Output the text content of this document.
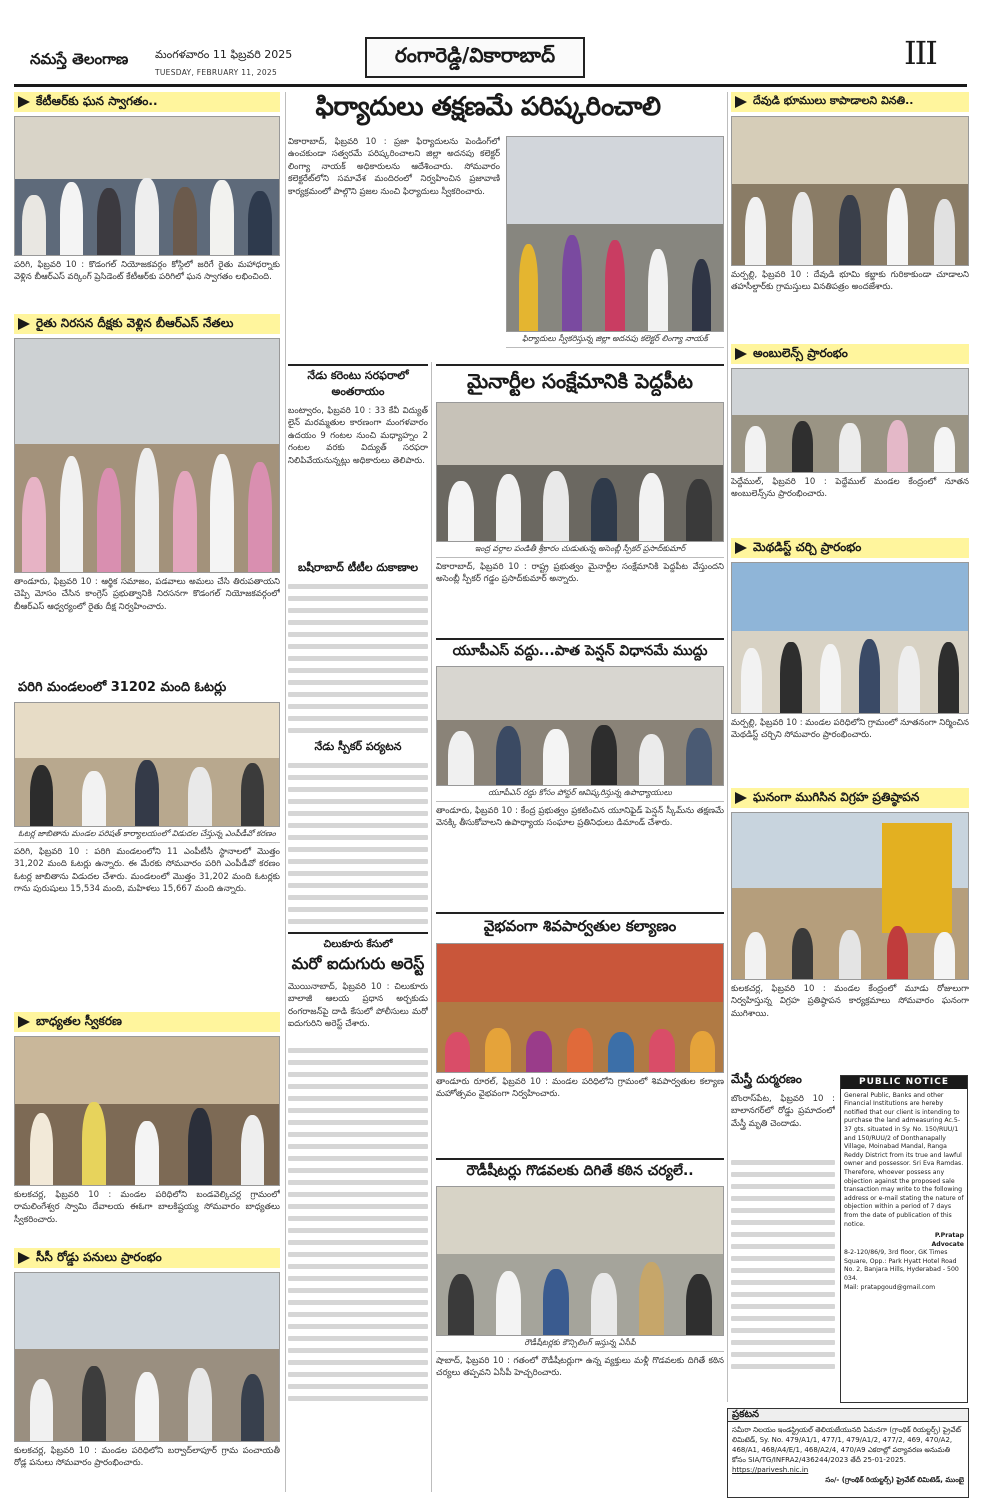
నమస్తే తెలంగాణ మంగళవారం 11 ఫిబ్రవరి 2025
TUESDAY, FEBRUARY 11, 2025
రంగారెడ్డి/వికారాబాద్	III
కేటీఆర్‌కు ఘన స్వాగతం..
పరిగి, ఫిబ్రవరి 10 : కొడంగల్ నియోజకవర్గం కోస్గిలో జరిగే రైతు మహాధర్నాకు వెళ్లిన బీఆర్‌ఎస్ వర్కింగ్ ప్రెసిడెంట్ కేటీఆర్‌కు పరిగిలో ఘన స్వాగతం లభించింది.
రైతు నిరసన దీక్షకు వెళ్లిన బీఆర్‌ఎస్ నేతలు
తాండూరు, ఫిబ్రవరి 10 : ఆర్థిక సమాజం, పడవాలు అమలు చేసి తిరుపతాయని చెప్పి మోసం చేసిన కాంగ్రెస్ ప్రభుత్వానికి నిరసనగా కొడంగల్ నియోజకవర్గంలో బీఆర్‌ఎస్ ఆధ్వర్యంలో రైతు దీక్ష నిర్వహించారు.
పరిగి మండలంలో 31202 మంది ఓటర్లు
ఓటర్ల జాబితాను మండల పరిషత్ కార్యాలయంలో విడుదల చేస్తున్న ఎంపీడీవో కరణం
పరిగి, ఫిబ్రవరి 10 : పరిగి మండలంలోని 11 ఎంపీటీసీ స్థానాలలో మొత్తం 31,202 మంది ఓటర్లు ఉన్నారు. ఈ మేరకు సోమవారం పరిగి ఎంపీడీవో కరణం ఓటర్ల జాబితాను విడుదల చేశారు. మండలంలో మొత్తం 31,202 మంది ఓటర్లకు గాను పురుషులు 15,534 మంది, మహిళలు 15,667 మంది ఉన్నారు.
బాధ్యతల స్వీకరణ
కులకచర్ల, ఫిబ్రవరి 10 : మండల పరిధిలోని బండవెల్కిచర్ల గ్రామంలో రామలింగేశ్వర స్వామి దేవాలయ ఈఓగా బాలకిష్టయ్య సోమవారం బాధ్యతలు స్వీకరించారు.
సీసీ రోడ్డు పనులు ప్రారంభం
కులకచర్ల, ఫిబ్రవరి 10 : మండల పరిధిలోని బర్వాద్‌లాపూర్ గ్రామ పంచాయతీ రోడ్ల పనులు సోమవారం ప్రారంభించారు.
ఫిర్యాదులు తక్షణమే పరిష్కరించాలి
వికారాబాద్, ఫిబ్రవరి 10 : ప్రజా ఫిర్యాదులను పెండింగ్‌లో ఉంచకుండా సత్వరమే పరిష్కరించాలని జిల్లా అదనపు కలెక్టర్ లింగ్యా నాయక్ అధికారులను ఆదేశించారు. సోమవారం కలెక్టరేట్‌లోని సమావేశ మందిరంలో నిర్వహించిన ప్రజావాణి కార్యక్రమంలో పాల్గొని ప్రజల నుంచి ఫిర్యాదులు స్వీకరించారు.
ఫిర్యాదులు స్వీకరిస్తున్న జిల్లా అదనపు కలెక్టర్ లింగ్యా నాయక్
నేడు కరెంటు సరఫరాలో అంతరాయం
బంట్వారం, ఫిబ్రవరి 10 : 33 కేవీ విద్యుత్ లైన్ మరమ్మతుల కారణంగా మంగళవారం ఉదయం 9 గంటల నుంచి మధ్యాహ్నం 2 గంటల వరకు విద్యుత్ సరఫరా నిలిపివేయనున్నట్లు అధికారులు తెలిపారు.
బషీరాబాద్ టీటీల దుకాణాల
నేడు స్పీకర్ పర్యటన
చిలుకూరు కేసులో
మరో ఐదుగురు అరెస్ట్
మొయినాబాద్, ఫిబ్రవరి 10 : చిలుకూరు బాలాజీ ఆలయ ప్రధాన అర్చకుడు రంగరాజన్‌పై దాడి కేసులో పోలీసులు మరో ఐదుగురిని అరెస్ట్ చేశారు.
మైనార్టీల సంక్షేమానికి పెద్దపీట
ఇంద్ర వర్గాల పండితీ శ్రీకారం చుడుతున్న అసెంబ్లీ స్పీకర్ ప్రసాద్‌కుమార్
వికారాబాద్, ఫిబ్రవరి 10 : రాష్ట్ర ప్రభుత్వం మైనార్టీల సంక్షేమానికి పెద్దపీట వేస్తుందని అసెంబ్లీ స్పీకర్ గడ్డం ప్రసాద్‌కుమార్ అన్నారు.
యూపీఎస్ వద్దు...పాత పెన్షన్ విధానమే ముద్దు
యూపీఎస్ రద్దు కోసం పోస్టర్ ఆవిష్కరిస్తున్న ఉపాధ్యాయులు
తాండూరు, ఫిబ్రవరి 10 : కేంద్ర ప్రభుత్వం ప్రకటించిన యూనిఫైడ్ పెన్షన్ స్కీమ్‌ను తక్షణమే వెనక్కి తీసుకోవాలని ఉపాధ్యాయ సంఘాల ప్రతినిధులు డిమాండ్ చేశారు.
వైభవంగా శివపార్వతుల కల్యాణం
తాండూరు రూరల్, ఫిబ్రవరి 10 : మండల పరిధిలోని గ్రామంలో శివపార్వతుల కల్యాణ మహోత్సవం వైభవంగా నిర్వహించారు.
రౌడీషీటర్లు గొడవలకు దిగితే కఠిన చర్యలే..
రౌడీషీటర్లకు కౌన్సిలింగ్ ఇస్తున్న ఏసీపీ
షాబాద్, ఫిబ్రవరి 10 : గతంలో రౌడీషీటర్లుగా ఉన్న వ్యక్తులు మళ్లీ గొడవలకు దిగితే కఠిన చర్యలు తప్పవని ఏసీపీ హెచ్చరించారు.
దేవుడి భూములు కాపాడాలని వినతి..
మర్పల్లి, ఫిబ్రవరి 10 : దేవుడి భూమి కబ్జాకు గురికాకుండా చూడాలని తహసీల్దార్‌కు గ్రామస్తులు వినతిపత్రం అందజేశారు.
అంబులెన్స్ ప్రారంభం
పెద్దేముల్, ఫిబ్రవరి 10 : పెద్దేముల్ మండల కేంద్రంలో నూతన అంబులెన్స్‌ను ప్రారంభించారు.
మెథడిస్ట్ చర్చి ప్రారంభం
మర్పల్లి, ఫిబ్రవరి 10 : మండల పరిధిలోని గ్రామంలో నూతనంగా నిర్మించిన మెథడిస్ట్ చర్చిని సోమవారం ప్రారంభించారు.
ఘనంగా ముగిసిన విగ్రహ ప్రతిష్ఠాపన
కులకచర్ల, ఫిబ్రవరి 10 : మండల కేంద్రంలో మూడు రోజులుగా నిర్వహిస్తున్న విగ్రహ ప్రతిష్ఠాపన కార్యక్రమాలు సోమవారం ఘనంగా ముగిశాయి.
మేస్త్రీ దుర్మరణం
బొంరాస్‌పేట, ఫిబ్రవరి 10 : బాలానగర్‌లో రోడ్డు ప్రమాదంలో మేస్త్రీ మృతి చెందాడు.
PUBLIC NOTICE
General Public, Banks and other Financial Institutions are hereby notified that our client is intending to purchase the land admeasuring Ac.5-37 gts. situated in Sy. No. 150/RUU/1 and 150/RUU/2 of Donthanapally Village, Moinabad Mandal, Ranga Reddy District from its true and lawful owner and possessor. Sri Eva Ramdas. Therefore, whoever possess any objection against the proposed sale transaction may write to the following address or e-mail stating the nature of objection within a period of 7 days from the date of publication of this notice.
P.Pratap
Advocate
8-2-120/86/9, 3rd floor, GK Times Square, Opp.: Park Hyatt Hotel Road No. 2, Banjara Hills, Hyderabad - 500 034.
Mail: pratapgoud@gmail.com
ప్రకటన
సమీరా నిలయం ఇండస్ట్రియల్ తెలియజేయునది ఏమనగా (గ్రాంథిక్ రియల్టర్స్) ప్రైవేట్ లిమిటెడ్, Sy. No. 479/A1/1, 477/1, 479/A1/2, 477/2, 469, 470/A2, 468/A1, 468/A4/E/1, 468/A2/4, 470/A9 ఎకరాల్లో పర్యావరణ అనుమతి కోసం SIA/TG/INFRA2/436244/2023 తేదీ 25-01-2025.
https://parivesh.nic.in
సం/- (గ్రాంథిక్ రియల్టర్స్) ప్రైవేట్ లిమిటెడ్, ముంబై
